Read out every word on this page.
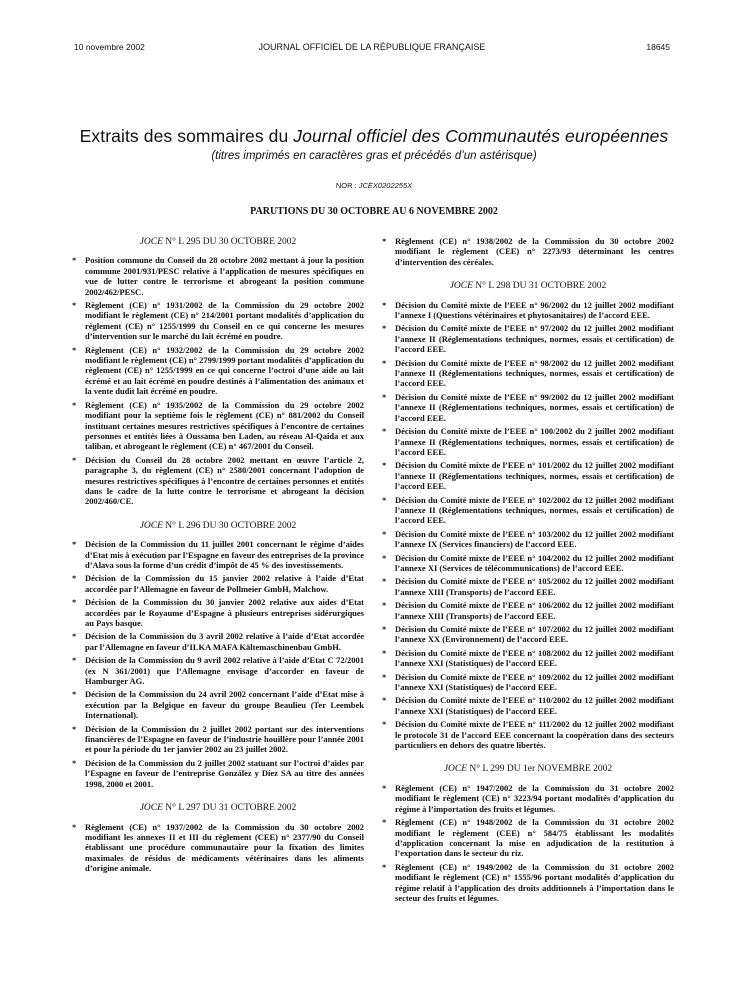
10 novembre 2002	JOURNAL OFFICIEL DE LA RÉPUBLIQUE FRANÇAISE	18645
Extraits des sommaires du Journal officiel des Communautés européennes
(titres imprimés en caractères gras et précédés d’un astérisque)
NOR : JCEX0202255X
PARUTIONS DU 30 OCTOBRE AU 6 NOVEMBRE 2002
JOCE N° L 295 DU 30 OCTOBRE 2002
* Position commune du Conseil du 28 octobre 2002 mettant à jour la position commune 2001/931/PESC relative à l’application de mesures spécifiques en vue de lutter contre le terrorisme et abrogeant la position commune 2002/462/PESC.
* Règlement (CE) n° 1931/2002 de la Commission du 29 octobre 2002 modifiant le règlement (CE) n° 214/2001 portant modalités d’application du règlement (CE) n° 1255/1999 du Conseil en ce qui concerne les mesures d’intervention sur le marché du lait écrémé en poudre.
* Règlement (CE) n° 1932/2002 de la Commission du 29 octobre 2002 modifiant le règlement (CE) n° 2799/1999 portant modalités d’application du règlement (CE) n° 1255/1999 en ce qui concerne l’octroi d’une aide au lait écrémé et au lait écrémé en poudre destinés à l’alimentation des animaux et la vente dudit lait écrémé en poudre.
* Règlement (CE) n° 1935/2002 de la Commission du 29 octobre 2002 modifiant pour la septième fois le règlement (CE) n° 881/2002 du Conseil instituant certaines mesures restrictives spécifiques à l’encontre de certaines personnes et entités liées à Oussama ben Laden, au réseau Al-Qaida et aux taliban, et abrogeant le règlement (CE) n° 467/2001 du Conseil.
* Décision du Conseil du 28 octobre 2002 mettant en œuvre l’article 2, paragraphe 3, du règlement (CE) n° 2580/2001 concernant l’adoption de mesures restrictives spécifiques à l’encontre de certaines personnes et entités dans le cadre de la lutte contre le terrorisme et abrogeant la décision 2002/460/CE.
JOCE N° L 296 DU 30 OCTOBRE 2002
* Décision de la Commission du 11 juillet 2001 concernant le régime d’aides d’Etat mis à exécution par l’Espagne en faveur des entreprises de la province d’Alava sous la forme d’un crédit d’impôt de 45 % des investissements.
* Décision de la Commission du 15 janvier 2002 relative à l’aide d’Etat accordée par l’Allemagne en faveur de Pollmeier GmbH, Malchow.
* Décision de la Commission du 30 janvier 2002 relative aux aides d’Etat accordées par le Royaume d’Espagne à plusieurs entreprises sidérurgiques au Pays basque.
* Décision de la Commission du 3 avril 2002 relative à l’aide d’Etat accordée par l’Allemagne en faveur d’ILKA MAFA Kältemaschinenbau GmbH.
* Décision de la Commission du 9 avril 2002 relative à l’aide d’Etat C 72/2001 (ex N 361/2001) que l’Allemagne envisage d’accorder en faveur de Hamburger AG.
* Décision de la Commission du 24 avril 2002 concernant l’aide d’Etat mise à exécution par la Belgique en faveur du groupe Beaulieu (Ter Leembek International).
* Décision de la Commission du 2 juillet 2002 portant sur des interventions financières de l’Espagne en faveur de l’industrie houillère pour l’année 2001 et pour la période du 1er janvier 2002 au 23 juillet 2002.
* Décision de la Commission du 2 juillet 2002 statuant sur l’octroi d’aides par l’Espagne en faveur de l’entreprise González y Díez SA au titre des années 1998, 2000 et 2001.
JOCE N° L 297 DU 31 OCTOBRE 2002
* Règlement (CE) n° 1937/2002 de la Commission du 30 octobre 2002 modifiant les annexes II et III du règlement (CEE) n° 2377/90 du Conseil établissant une procédure communautaire pour la fixation des limites maximales de résidus de médicaments vétérinaires dans les aliments d’origine animale.
* Règlement (CE) n° 1938/2002 de la Commission du 30 octobre 2002 modifiant le règlement (CEE) n° 2273/93 déterminant les centres d’intervention des céréales.
JOCE N° L 298 DU 31 OCTOBRE 2002
* Décision du Comité mixte de l’EEE n° 96/2002 du 12 juillet 2002 modifiant l’annexe I (Questions vétérinaires et phytosanitaires) de l’accord EEE.
* Décision du Comité mixte de l’EEE n° 97/2002 du 12 juillet 2002 modifiant l’annexe II (Réglementations techniques, normes, essais et certification) de l’accord EEE.
* Décision du Comité mixte de l’EEE n° 98/2002 du 12 juillet 2002 modifiant l’annexe II (Réglementations techniques, normes, essais et certification) de l’accord EEE.
* Décision du Comité mixte de l’EEE n° 99/2002 du 12 juillet 2002 modifiant l’annexe II (Réglementations techniques, normes, essais et certification) de l’accord EEE.
* Décision du Comité mixte de l’EEE n° 100/2002 du 2 juillet 2002 modifiant l’annexe II (Réglementations techniques, normes, essais et certification) de l’accord EEE.
* Décision du Comité mixte de l’EEE n° 101/2002 du 12 juillet 2002 modifiant l’annexe II (Réglementations techniques, normes, essais et certification) de l’accord EEE.
* Décision du Comité mixte de l’EEE n° 102/2002 du 12 juillet 2002 modifiant l’annexe II (Réglementations techniques, normes, essais et certification) de l’accord EEE.
* Décision du Comité mixte de l’EEE n° 103/2002 du 12 juillet 2002 modifiant l’annexe IX (Services financiers) de l’accord EEE.
* Décision du Comité mixte de l’EEE n° 104/2002 du 12 juillet 2002 modifiant l’annexe XI (Services de télécommunications) de l’accord EEE.
* Décision du Comité mixte de l’EEE n° 105/2002 du 12 juillet 2002 modifiant l’annexe XIII (Transports) de l’accord EEE.
* Décision du Comité mixte de l’EEE n° 106/2002 du 12 juillet 2002 modifiant l’annexe XIII (Transports) de l’accord EEE.
* Décision du Comité mixte de l’EEE n° 107/2002 du 12 juillet 2002 modifiant l’annexe XX (Environnement) de l’accord EEE.
* Décision du Comité mixte de l’EEE n° 108/2002 du 12 juillet 2002 modifiant l’annexe XXI (Statistiques) de l’accord EEE.
* Décision du Comité mixte de l’EEE n° 109/2002 du 12 juillet 2002 modifiant l’annexe XXI (Statistiques) de l’accord EEE.
* Décision du Comité mixte de l’EEE n° 110/2002 du 12 juillet 2002 modifiant l’annexe XXI (Statistiques) de l’accord EEE.
* Décision du Comité mixte de l’EEE n° 111/2002 du 12 juillet 2002 modifiant le protocole 31 de l’accord EEE concernant la coopération dans des secteurs particuliers en dehors des quatre libertés.
JOCE N° L 299 DU 1er NOVEMBRE 2002
* Règlement (CE) n° 1947/2002 de la Commission du 31 octobre 2002 modifiant le règlement (CE) n° 3223/94 portant modalités d’application du régime à l’importation des fruits et légumes.
* Règlement (CE) n° 1948/2002 de la Commission du 31 octobre 2002 modifiant le règlement (CEE) n° 584/75 établissant les modalités d’application concernant la mise en adjudication de la restitution à l’exportation dans le secteur du riz.
* Règlement (CE) n° 1949/2002 de la Commission du 31 octobre 2002 modifiant le règlement (CE) n° 1555/96 portant modalités d’application du régime relatif à l’application des droits additionnels à l’importation dans le secteur des fruits et légumes.
